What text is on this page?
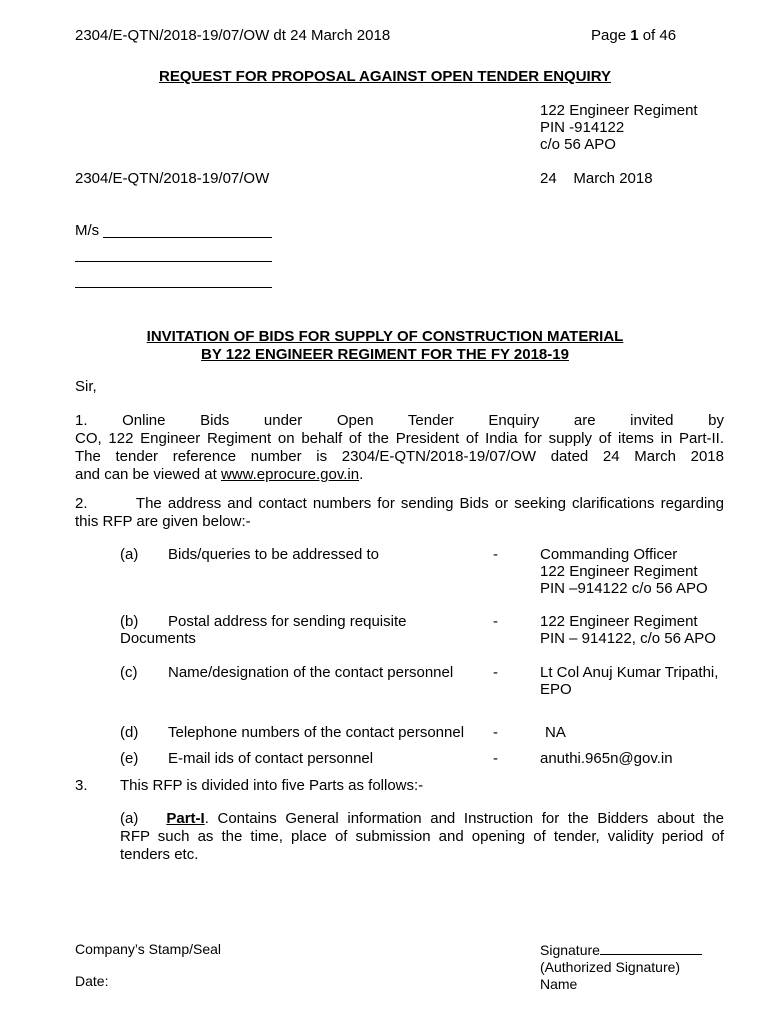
2304/E-QTN/2018-19/07/OW dt 24 March 2018	Page 1 of 46
REQUEST FOR PROPOSAL AGAINST OPEN TENDER ENQUIRY
122 Engineer Regiment
PIN -914122
c/o 56 APO
2304/E-QTN/2018-19/07/OW	24    March 2018
M/s
INVITATION OF BIDS FOR SUPPLY OF CONSTRUCTION MATERIAL
BY 122 ENGINEER REGIMENT FOR THE FY 2018-19
Sir,
1.      Online      Bids      under      Open      Tender      Enquiry      are      invited      by
CO, 122 Engineer Regiment on behalf of the President of India for supply of items in Part-II.
The tender reference number is 2304/E-QTN/2018-19/07/OW dated 24 March 2018
and can be viewed at www.eprocure.gov.in.
2.        The address and contact numbers for sending Bids or seeking clarifications regarding
this RFP are given below:-
(a) Bids/queries to be addressed to	-	Commanding Officer
122 Engineer Regiment
PIN –914122 c/o 56 APO
(b) Postal address for sending requisite
Documents
-	122 Engineer Regiment
PIN – 914122, c/o 56 APO
(c) Name/designation of the contact personnel	-	Lt Col Anuj Kumar Tripathi,
EPO
(d) Telephone numbers of the contact personnel -	NA
(e) E-mail ids of contact personnel	-	anuthi.965n@gov.in
3. This RFP is divided into five Parts as follows:-
(a) Part-I. Contains General information and Instruction for the Bidders about the
RFP such as the time, place of submission and opening of tender, validity period of
tenders etc.
Company’s Stamp/Seal
Date:
Signature
(Authorized Signature)
Name
